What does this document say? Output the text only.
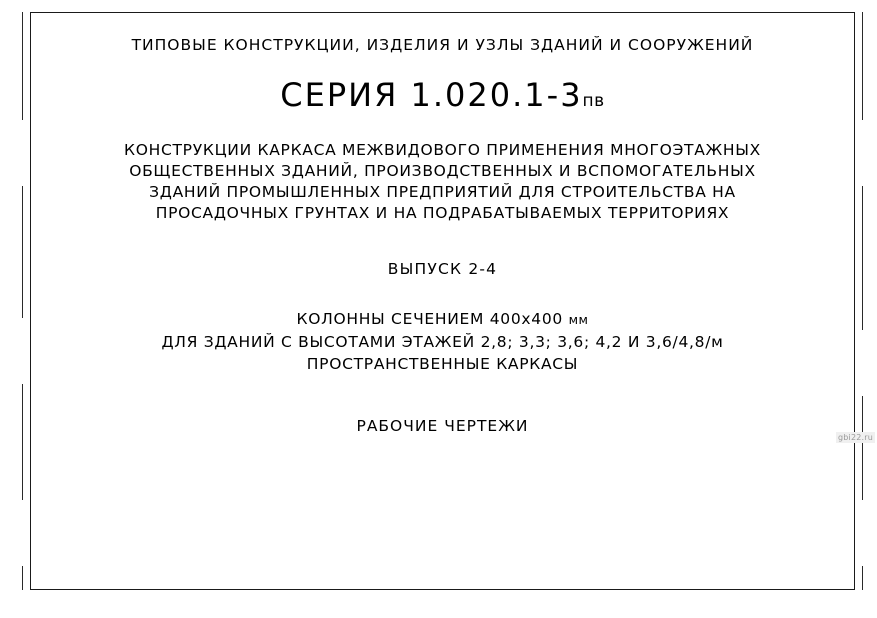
ТИПОВЫЕ КОНСТРУКЦИИ, ИЗДЕЛИЯ И УЗЛЫ ЗДАНИЙ И СООРУЖЕНИЙ
СЕРИЯ 1.020.1-3пв
КОНСТРУКЦИИ КАРКАСА МЕЖВИДОВОГО ПРИМЕНЕНИЯ МНОГОЭТАЖНЫХ
ОБЩЕСТВЕННЫХ ЗДАНИЙ, ПРОИЗВОДСТВЕННЫХ И ВСПОМОГАТЕЛЬНЫХ
ЗДАНИЙ ПРОМЫШЛЕННЫХ ПРЕДПРИЯТИЙ ДЛЯ СТРОИТЕЛЬСТВА НА
ПРОСАДОЧНЫХ ГРУНТАХ И НА ПОДРАБАТЫВАЕМЫХ ТЕРРИТОРИЯХ
ВЫПУСК 2-4
КОЛОННЫ СЕЧЕНИЕМ 400х400 мм
ДЛЯ ЗДАНИЙ С ВЫСОТАМИ ЭТАЖЕЙ 2,8; 3,3; 3,6; 4,2 И 3,6/4,8/м
ПРОСТРАНСТВЕННЫЕ КАРКАСЫ
РАБОЧИЕ ЧЕРТЕЖИ
gbi22.ru
